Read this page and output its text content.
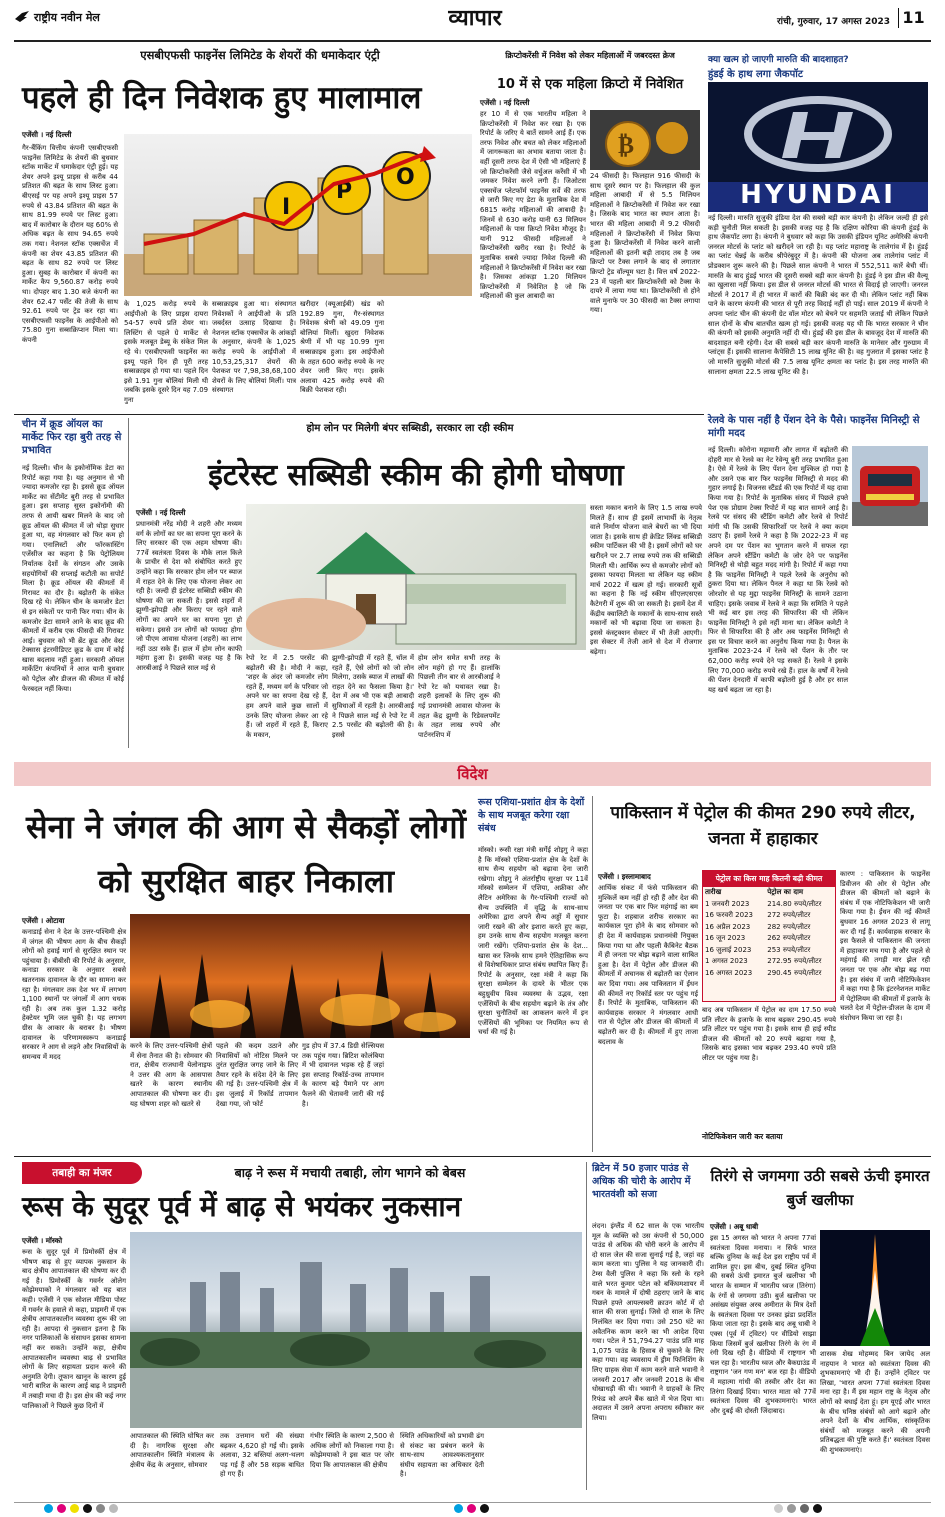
राष्ट्रीय नवीन मेल	व्यापार	रांची, गुरुवार, 17 अगस्त 2023 11
एसबीएफसी फाइनेंस लिमिटेड के शेयरों की धमाकेदार एंट्री
पहले ही दिन निवेशक हुए मालामाल
एजेंसी । नई दिल्ली
गैर-बैंकिंग वित्तीय कंपनी एसबीएफसी फाइनेंस लिमिटेड के शेयरों की बुधवार स्टॉक मार्केट में धमाकेदार एंट्री हुई। यह शेयर अपने इश्यू प्राइस से करीब 44 प्रतिशत की बढ़त के साथ लिस्ट हुआ। बीएसई पर यह अपने इश्यू प्राइस 57 रुपये से 43.84 प्रतिशत की बढ़त के साथ 81.99 रुपये पर लिस्ट हुआ। बाद में कारोबार के दौरान यह 60% से अधिक बढ़त के साथ 94.65 रुपये तक गया। नेशनल स्टॉक एक्सचेंज में कंपनी का शेयर 43.85 प्रतिशत की बढ़त के साथ 82 रुपये पर लिस्ट हुआ। सुबह के कारोबार में कंपनी का मार्केट कैप 9,560.87 करोड़ रुपये था। दोपहर बाद 1.30 बजे कंपनी का शेयर 62.47 पर्सेंट की तेजी के साथ 92.61 रुपये पर ट्रेड कर रहा था। एसबीएफसी फाइनेंस के आईपीओ को 75.80 गुना सब्सक्रिप्शन मिला था। कंपनी
I
P
O
के 1,025 करोड़ रुपये के आईपीओ के लिए प्राइस दायरा 54-57 रुपये प्रति शेयर था। लिस्टिंग से पहले ग्रे मार्केट से इसके मजबूत डेब्यू के संकेत मिल रहे थे। एसबीएफसी फाइनेंस का इश्यू पहले दिन ही पूरी तरह सब्सक्राइब हो गया था। पहले दिन इसे 1.91 गुना बोलियां मिली थी जबकि इसके दूसरे दिन यह 7.09 गुना
सब्सक्राइब हुआ था। संस्थागत निवेशकों ने आईपीओ के प्रति जबर्दस्त उत्साह दिखाया है। नेशनल स्टॉक एक्सचेंज के आंकड़ों के अनुसार, कंपनी के 1,025 करोड़ रुपये के आईपीओ में 10,53,25,317 शेयरों की पेशकश पर 7,98,38,68,100 शेयरों के लिए बोलियां मिलीं। पात्र संस्थागत
खरीदार (क्यूआईबी) खंड को 192.89 गुना, गैर-संस्थागत निवेशक श्रेणी को 49.09 गुना बोलियां मिलीं। खुदरा निवेशक श्रेणी में भी यह 10.99 गुना सब्सक्राइब हुआ। इस आईपीओ के तहत 600 करोड़ रुपये के नए शेयर जारी किए गए। इसके अलावा 425 करोड़ रुपये की बिक्री पेशकश रही।
क्रिप्टोकरेंसी में निवेश को लेकर महिलाओं में जबरदस्त क्रेज
10 में से एक महिला क्रिप्टो में निवेशित
एजेंसी । नई दिल्ली
हर 10 में से एक भारतीय महिला ने क्रिप्टोकरेंसी में निवेश कर रखा है। एक रिपोर्ट के जरिए ये बातें सामने आई हैं। एक तरफ निवेश और बचत को लेकर महिलाओं में जागरूकता का अभाव बताया जाता है। वहीं दूसरी तरफ देश में ऐसी भी महिलाएं हैं जो क्रिप्टोकरेंसी जैसे वर्चुअल करेंसी में भी जमकर निवेश करने लगी हैं। जिओटस एक्सचेंज प्लेटफॉर्म फाइनेंस सर्वे की तरफ से जारी किए गए डेटा के मुताबिक देश में 6815 करोड़ महिलाओं की आबादी है। जिनमें से 630 करोड़ यानी 63 मिलियन महिलाओं के पास क्रिप्टो निवेश मौजूद है। यानी 912 फीसदी महिलाओं ने क्रिप्टोकरेंसी खरीद रखा है। रिपोर्ट के मुताबिक सबसे ज्यादा निवेश दिल्ली की महिलाओं ने क्रिप्टोकरेंसी में निवेश कर रखा है। जिसका आंकड़ा 1.20 मिलियन क्रिप्टोकरेंसी में निवेशित है जो कि महिलाओं की कुल आबादी का
₿
24 फीसदी है। फिलहाल 916 फीसदी के साथ दूसरे स्थान पर है। फिलहाल की कुल महिला आबादी में से 5.5 मिलियन महिलाओं ने क्रिप्टोकरेंसी में निवेश कर रखा है। जिसके बाद भारत का स्थान आता है। भारत की महिला आबादी में 9.2 फीसदी महिलाओं ने क्रिप्टोकरेंसी में निवेश किया हुआ है। क्रिप्टोकरेंसी में निवेश करने वाली महिलाओं की इतनी बड़ी तादाद तब है जब क्रिप्टो पर टैक्स लगाने के बाद से लगातार क्रिप्टो ट्रेड वॉल्यूम घटा है। वित्त वर्ष 2022-23 में पहली बार क्रिप्टोकरेंसी को टैक्स के दायरे में लाया गया था। क्रिप्टोकरेंसी से होने वाले मुनाफे पर 30 फीसदी का टैक्स लगाया गया।
क्या खत्म हो जाएगी मारुति की बादशाहत?
हुंडई के हाथ लगा जैकपॉट
HYUNDAI
नई दिल्ली। मारुति सुजुकी इंडिया देश की सबसे बड़ी कार कंपनी है। लेकिन जल्दी ही इसे कड़ी चुनौती मिल सकती है। इसकी वजह यह है कि दक्षिण कोरिया की कंपनी हुंडई के हाथ जैकपॉट लगा है। कंपनी ने बुधवार को कहा कि उसकी इंडियन यूनिट अमेरिकी कंपनी जनरल मोटर्स के प्लांट को खरीदने जा रही है। यह प्लांट महाराष्ट्र के तालेगांव में है। हुंडई का प्लांट चेन्नई के करीब श्रीपेरंबुदूर में है। कंपनी की योजना अब तालेगांव प्लांट में प्रोडक्शन शुरू करने की है। पिछले साल कंपनी ने भारत में 552,511 कारें बेची थीं। मारुति के बाद हुंडई भारत की दूसरी सबसे बड़ी कार कंपनी है। हुंडई ने इस डील की वैल्यू का खुलासा नहीं किया। इस डील से जनरल मोटर्स की भारत से विदाई हो जाएगी। जनरल मोटर्स ने 2017 में ही भारत में कारों की बिक्री बंद कर दी थी। लेकिन प्लांट नहीं बिक पाने के कारण कंपनी की भारत से पूरी तरह विदाई नहीं हो पाई। साल 2019 में कंपनी ने अपना प्लांट चीन की कंपनी ग्रेट वॉल मोटर को बेचने पर सहमति जताई थी लेकिन पिछले साल दोनों के बीच बातचीत खत्म हो गई। इसकी वजह यह थी कि भारत सरकार ने चीन की कंपनी को इसकी अनुमति नहीं दी थी। हुंडई की इस डील के बावजूद देश में मारुति की बादशाहत बनी रहेगी। देश की सबसे बड़ी कार कंपनी मारुति के मानेसर और गुरुग्राम में प्लांट्स हैं। इसकी सालाना कैपेसिटी 15 लाख यूनिट की है। वह गुजरात में इसका प्लांट है जो मारुति सुजुकी मोटर्स की 7.5 लाख यूनिट क्षमता का प्लांट है। इस तरह मारुति की सालाना क्षमता 22.5 लाख यूनिट की है।
चीन में क्रूड ऑयल का मार्केट फिर रहा बुरी तरह से प्रभावित
नई दिल्ली। चीन के इकोनॉमिक डेटा का रिपोर्ट कहा गया है। यह अनुमान से भी ज्यादा कमजोर रहा है। इससे क्रूड ऑयल मार्केट का सेंटीमेंट बुरी तरह से प्रभावित हुआ। इस सप्ताह सुस्त इकोनॉमी की तरफ से आयी खबर मिलने के बाद जो क्रूड ऑयल की कीमत में जो थोड़ा सुधार हुआ था, वह मंगलवार को फिर कम हो गया। एनालिस्टों और फॉरकास्टिंग एजेंसीज का कहना है कि पेट्रोलियम निर्यातक देशों के संगठन और उसके सहयोगियों की सप्लाई कटौती का सपोर्ट मिला है। क्रूड ऑयल की कीमतों में गिरावट का दौर है। बढ़ोतरी के संकेत दिख रहे थे। लेकिन चीन के कमजोर डेटा से इन संकेतों पर पानी फिर गया। चीन के कमजोर डेटा सामने आने के बाद क्रूड की कीमतों में करीब एक फीसदी की गिरावट आई। बुधवार को भी ब्रेंट क्रूड और वेस्ट टेक्सास इंटरमीडिएट क्रूड के दाम में कोई खास बदलाव नहीं हुआ। सरकारी ऑयल मार्केटिंग कंपनियों ने आज यानी बुधवार को पेट्रोल और डीजल की कीमत में कोई फेरबदल नहीं किया।
होम लोन पर मिलेगी बंपर सब्सिडी, सरकार ला रही स्कीम
इंटरेस्ट सब्सिडी स्कीम की होगी घोषणा
एजेंसी । नई दिल्ली
प्रधानमंत्री नरेंद्र मोदी ने शहरी और मध्यम वर्ग के लोगों का घर का सपना पूरा करने के लिए सरकार की एक अहम घोषणा की। 77वें स्वतंत्रता दिवस के मौके लाल किले के प्राचीर से देश को संबोधित करते हुए उन्होंने कहा कि सरकार होम लोन पर ब्याज में राहत देने के लिए एक योजना लेकर आ रही है। जल्दी ही इंटरेस्ट सब्सिडी स्कीम की घोषणा की जा सकती है। इससे शहरों में झुग्गी-झोपड़ी और किराए पर रहने वाले लोगों का अपने घर का सपना पूरा हो सकेगा। इससे उन लोगों को फायदा होगा जो पीएम आवास योजना (शहरी) का लाभ नहीं उठा सके हैं। हाल में होम लोन काफी महंगा हुआ है। इसकी वजह यह है कि आरबीआई ने पिछले साल मई से
रेपो रेट में 2.5 परसेंट की बढ़ोतरी की है। मोदी ने कहा, 'शहर के अंदर जो कमजोर लोग रहते हैं, मध्यम वर्ग के परिवार जो अपने घर का सपना देख रहे हैं, हम अपने वाले कुछ सालों में उनके लिए योजना लेकर आ रहे हैं। जो शहरों में रहते हैं, किराए के मकान,
झुग्गी-झोपड़ी में रहते हैं, चॉल में रहते हैं, ऐसे लोगों को जो लोन मिलेगा, उसके ब्याज में लाखों की राहत देने का फैसला किया है।' देश में अब भी एक बड़ी आबादी सुविधाओं में रहती है। आरबीआई ने पिछले साल मई से रेपो रेट में 2.5 परसेंट की बढ़ोतरी की है। इससे
होम लोन समेत सभी तरह के लोन महंगे हो गए हैं। हालांकि पिछली तीन बार से आरबीआई ने रेपो रेट को यथावत रखा है। शहरी इलाकों के लिए शुरू की गई प्रधानमंत्री आवास योजना के तहत केंद्र झुग्गी के रिडेवलपमेंट के तहत लाख रुपये और पार्टनरशिप में
सस्ता मकान बनाने के लिए 1.5 लाख रुपये मिलते हैं। साथ ही इसमें लाभार्थी के नेतृत्व वाले निर्माण योजना वाले बेघरों का भी दिया जाता है। इसके साथ ही क्रेडिट लिंक्ड सब्सिडी स्कीम पार्टिकल की भी है। इसमें लोगों को घर खरीदने पर 2.7 लाख रुपये तक की सब्सिडी मिलती थी। आर्थिक रूप से कमजोर लोगों को इसका फायदा मिलता था लेकिन यह स्कीम मार्च 2022 में खत्म हो गई। सरकारी सूत्रों का कहना है कि नई स्कीम सीएलएसएस कैटेगरी में शुरू की जा सकती है। इसमें देश में केंद्रीय क्वालिटी के मकानों के साथ-साथ सस्ते मकानों को भी बढ़ावा दिया जा सकता है। इससे कंस्ट्रक्शन सेक्टर में भी तेजी आएगी। इस सेक्टर में तेजी आने से देश में रोजगार बढ़ेगा।
रेलवे के पास नहीं है पेंशन देने के पैसे। फाइनेंस मिनिस्ट्री से मांगी मदद
नई दिल्ली। कोरोना महामारी और लागत में बढ़ोतरी की दोहरी मार से रेलवे का नेट रेवेन्यू बुरी तरह प्रभावित हुआ है। ऐसे में रेलवे के लिए पेंशन देना मुश्किल हो गया है और उसने एक बार फिर फाइनेंस मिनिस्ट्री से मदद की गुहार लगाई है। विजनस स्टैंडर्ड की एक रिपोर्ट में यह दावा किया गया है। रिपोर्ट के मुताबिक संसद में पिछले हफ्ते पेश एक प्रोग्राम टेक्स रिपोर्ट में यह बात सामने आई है। रेलवे पर संसद की स्टैंडिंग कमेटी और रेलवे से रिपोर्ट मांगी थी कि उसकी सिफारिशों पर रेलवे ने क्या कदम उठाए हैं। इसमें रेलवे ने कहा है कि 2022-23 में वह अपने दम पर पेंशन का भुगतान करने में सफल रहा लेकिन अपने स्टैंडिंग कमेटी के जोर देने पर फाइनेंस मिनिस्ट्री से थोड़ी बहुत मदद मांगी है। रिपोर्ट में कहा गया है कि फाइनेंस मिनिस्ट्री ने पहले रेलवे के अनुरोध को ठुकरा दिया था। लेकिन पैनल ने कहा था कि रेलवे को जोरशोर से यह मुद्दा फाइनेंस मिनिस्ट्री के सामने उठाना चाहिए। इसके जवाब में रेलवे ने कहा कि समिति ने पहले भी कई बार इस तरह की सिफारिश की थी लेकिन फाइनेंस मिनिस्ट्री ने इसे नहीं माना था। लेकिन कमेटी ने फिर से सिफारिश की है और अब फाइनेंस मिनिस्ट्री से इस पर विचार करने का अनुरोध किया गया है। पैनल के मुताबिक 2023-24 में रेलवे को पेंशन के तौर पर 62,000 करोड़ रुपये देने पड़ सकते हैं। रेलवे ने इसके लिए 70,000 करोड़ रुपये रखे हैं। हाल के वर्षों में रेलवे की पेंशन देनदारी में काफी बढ़ोतरी हुई है और हर साल यह खर्च बढ़ता जा रहा है।
विदेश
सेना ने जंगल की आग से सैकड़ों लोगों को सुरक्षित बाहर निकाला
एजेंसी । ओटावा
कनाडाई सेना ने देश के उत्तर-पश्चिमी क्षेत्र में जंगल की भीषण आग के बीच सैकड़ों लोगों को हवाई मार्ग से सुरक्षित स्थान पर पहुंचाया है। बीबीसी की रिपोर्ट के अनुसार, कनाडा सरकार के अनुसार सबसे खतरनाक दावानल के दौर का सामना कर रहा है। मंगलवार तक देश भर में लगभग 1,100 स्थानों पर जंगलों में आग धधक रही है। अब तक कुल 1.32 करोड़ हेक्टेयर भूमि जल चुकी है। यह लगभग ग्रीस के आकार के बराबर है। भीषण दावानल के परिणामस्वरूप कनाडाई सरकार ने आग से लड़ने और निवासियों के समन्वय में मदद
करने के लिए उत्तर-पश्चिमी क्षेत्रों में सेना तैनात की है। सोमवार की रात, क्षेत्रीय राजधानी येलोनाइफ ने उत्तर की आग के आसपास खतरे के कारण स्थानीय आपातकाल की घोषणा कर दी। यह घोषणा शहर को खतरे से
पहले की कदम उठाने और निवासियों को नोटिस मिलने पर तुरंत सुरक्षित जगह जाने के लिए तैयार रहने के संदेश देने के लिए की गई है। उत्तर-पश्चिमी क्षेत्र में इस जुलाई में रिकॉर्ड तापमान देखा गया, जो फोर्ट
गुड होप में 37.4 डिग्री सेल्सियस तक पहुंच गया। ब्रिटिश कोलंबिया में भी दावानल भड़क रहे हैं जहां इस सप्ताह रिकॉर्ड-उच्च तापमान के कारण बड़े पैमाने पर आग फैलने की चेतावनी जारी की गई है।
रूस एशिया-प्रशांत क्षेत्र के देशों के साथ मजबूत करेगा रक्षा संबंध
मॉस्को। रूसी रक्षा मंत्री सर्गेई शोइगु ने कहा है कि मॉस्को एशिया-प्रशांत क्षेत्र के देशों के साथ सैन्य सहयोग को बढ़ावा देना जारी रखेगा। शोइगु ने अंतर्राष्ट्रीय सुरक्षा पर 11वें मॉस्को सम्मेलन में एशिया, अफ्रीका और लैटिन अमेरिका के गैर-पश्चिमी राज्यों को सैन्य उपस्थिति में वृद्धि के साथ-साथ अमेरिका द्वारा अपने सैन्य अड्डों में सुधार जारी रखने की ओर इशारा करते हुए कहा, हम उनके साथ सैन्य सहयोग मजबूत करना जारी रखेंगे। एशिया-प्रशांत क्षेत्र के देश... खास कर जिनके साथ हमने ऐतिहासिक रूप से विशेषाधिकार प्राप्त संबंध स्थापित किए हैं। रिपोर्ट के अनुसार, रक्षा मंत्री ने कहा कि सुरक्षा सम्मेलन के दायरे के भीतर एक बहुध्रुवीय विश्व व्यवस्था के उद्भव, रक्षा एजेंसियों के बीच सहयोग बढ़ाने के तंत्र और सुरक्षा चुनौतियों का आकलन करने में इन एजेंसियों की भूमिका पर नियमित रूप से चर्चा की गई है।
पाकिस्तान में पेट्रोल की कीमत 290 रुपये लीटर, जनता में हाहाकार
एजेंसी । इस्लामाबाद
आर्थिक संकट में फंसे पाकिस्तान की मुश्किलें कम नहीं हो रही हैं और देश की जनता पर एक बार फिर महंगाई का बम फूटा है। शहबाज शरीफ सरकार का कार्यकाल पूरा होने के बाद सोमवार को ही देश में कार्यवाहक प्रधानमंत्री नियुक्त किया गया था और पहली कैबिनेट बैठक में ही जनता पर बोझ बढ़ाने वाला साबित हुआ है। देश में पेट्रोल और डीजल की कीमतों में अचानक से बढ़ोतरी का ऐलान कर दिया गया। अब पाकिस्तान में ईंधन की कीमतें नए रिकॉर्ड स्तर पर पहुंच गई हैं। रिपोर्ट के मुताबिक, पाकिस्तान की कार्यवाहक सरकार ने मंगलवार आधी रात से पेट्रोल और डीजल की कीमतों में बढ़ोतरी कर दी है। कीमतों में हुए ताजा बदलाव के
पेट्रोल का किस माह कितनी बढ़ी कीमत
तारीख	पेट्रोल का दाम
1 जनवरी 2023	214.80 रुपये/लीटर
16 फरवरी 2023	272 रुपये/लीटर
16 अप्रैल 2023	282 रुपये/लीटर
16 जून 2023	262 रुपये/लीटर
16 जुलाई 2023	253 रुपये/लीटर
1 अगस्त 2023	272.95 रुपये/लीटर
16 अगस्त 2023	290.45 रुपये/लीटर
बाद अब पाकिस्तान में पेट्रोल का दाम 17.50 रुपये प्रति लीटर के इजाफे के साथ बढ़कर 290.45 रुपये प्रति लीटर पर पहुंच गया है। इसके साथ ही हाई स्पीड डीजल की कीमतों को 20 रुपये बढ़ाया गया है, जिसके बाद इसका भाव बढ़कर 293.40 रुपये प्रति लीटर पर पहुंच गया है।
नोटिफिकेशन जारी कर बताया
कारण : पाकिस्तान के फाइनेंस डिवीजन की ओर से पेट्रोल और डीजल की कीमतों को बढ़ाने के संबंध में एक नोटिफिकेशन भी जारी किया गया है। ईंधन की नई कीमतें बुधवार 16 अगस्त 2023 से लागू कर दी गई हैं। कार्यवाहक सरकार के इस फैसले से पाकिस्तान की जनता में हाहाकार मच गया है और पहले से महंगाई की तगड़ी मार झेल रही जनता पर एक और बोझ बढ़ गया है। इस संबंध में जारी नोटिफिकेशन में कहा गया है कि इंटरनेशनल मार्केट में पेट्रोलियम की कीमतों में इजाफे के चलते देश में पेट्रोल-डीजल के दाम में संशोधन किया जा रहा है।
तबाही का मंजर	बाढ़ ने रूस में मचायी तबाही, लोग भागने को बेबस
रूस के सुदूर पूर्व में बाढ़ से भयंकर नुकसान
एजेंसी । मॉस्को
रूस के सुदूर पूर्व में प्रिमोर्स्की क्षेत्र में भीषण बाढ़ से हुए व्यापक नुकसान के बाद क्षेत्रीय आपातकाल की घोषणा कर दी गई है। प्रिमोर्स्की के गवर्नर ओलेग कोझेमयाको ने मंगलवार को यह बात कही। एजेंसी ने एक सोशल मीडिया पोस्ट में गवर्नर के हवाले से कहा, प्राइमरी में एक क्षेत्रीय आपातकालीन व्यवस्था शुरू की जा रही है। आपदा से नुकसान इतना है कि नगर पालिकाओं के संसाधन इसका सामना नहीं कर सकते। उन्होंने कहा, क्षेत्रीय आपातकालीन व्यवस्था बाढ़ से प्रभावित लोगों के लिए सहायता प्रदान करने की अनुमति देगी। तूफान खानून के कारण हुई भारी बारिश के कारण आई बाढ़ ने प्राइमरी में तबाही मचा दी है। इस क्षेत्र की कई नगर पालिकाओं ने पिछले कुछ दिनों में
आपातकाल की स्थिति घोषित कर दी है। नागरिक सुरक्षा और आपातकालीन स्थिति मंत्रालय के क्षेत्रीय केंद्र के अनुसार, सोमवार
तक उत्तमान घरों की संख्या बढ़कर 4,620 हो गई थी। इसके अलावा, 32 बस्तियां अलग-थलग पड़ गई हैं और 58 सड़क बाधित हो गए हैं।
गंभीर स्थिति के कारण 2,500 से अधिक लोगों को निकाला गया है। कोझेमयाको ने इस बात पर जोर दिया कि आपातकाल की क्षेत्रीय
स्थिति अधिकारियों को प्रभावी ढंग से संकट का प्रबंधन करने के साथ-साथ आवश्यकतानुसार संघीय सहायता का अधिकार देती है।
ब्रिटेन में 50 हजार पाउंड से अधिक की चोरी के आरोप में भारतवंशी को सजा
लंदन। इंग्लैंड में 62 साल के एक भारतीय मूल के व्यक्ति को उस कंपनी से 50,000 पाउंड से अधिक की चोरी करने के आरोप में दो साल जेल की सजा सुनाई गई है, जहां वह काम करता था। पुलिस ने यह जानकारी दी। टेम्स वैली पुलिस ने कहा कि स्लो के रहने वाले भरत कुमार पटेल को बकिंघमशायर में गबन के मामले में दोषी ठहराए जाने के बाद पिछले हफ्ते आयल्सबरी क्राउन कोर्ट में दो साल की सजा सुनाई। जिसे दो साल के लिए निलंबित कर दिया गया। उसे 250 घंटे का अवैतनिक काम करने का भी आदेश दिया गया। पटेल ने 51,794.27 पाउंड प्रति माह 1,075 पाउंड के हिसाब से चुकाने के लिए कहा गया। वह व्यवसाय में ड्रीम फिनिशिंग के लिए ग्राहक सेवा में काम करने वाले भवानी ने जनवरी 2017 और जनवरी 2018 के बीच धोखाधड़ी की थी। भवानी ने ग्राहकों के लिए रिफंड को अपने बैंक खाते में भेज दिया था। अदालत में उसने अपना अपराध स्वीकार कर लिया।
तिरंगे से जगमगा उठी सबसे ऊंची इमारत बुर्ज खलीफा
एजेंसी । अबू धाबी
इस 15 अगस्त को भारत ने अपना 77वां स्वतंत्रता दिवस मनाया। न सिर्फ भारत बल्कि दुनिया के कई देश इस राष्ट्रीय पर्व में शामिल हुए। इस बीच, दुबई स्थित दुनिया की सबसे ऊंची इमारत बुर्ज खलीफा भी भारत के सम्मान में भारतीय ध्वज (तिरंगा) के रंगों से जगमगा उठी। बुर्ज खलीफा पर असंख्य संयुक्त अरब अमीरात के मित्र देशों के स्वतंत्रता दिवस पर उनका झंडा प्रदर्शित किया जाता रहा है। इसके बाद अबू धाबी ने एक्स (पूर्व में ट्विटर) पर वीडियो साझा किया जिसमें बुर्ज खलीफा तिरंगे के रंग में रंगी दिख रही है। वीडियो में राष्ट्रगान भी चल रहा है। भारतीय ध्वज और बैकग्राउंड में राष्ट्रगान 'जन गण मन' बज रहा है। वीडियो में महात्मा गांधी की तस्वीर और देश का तिरंगा दिखाई दिया। भारत माता को 77वें स्वतंत्रता दिवस की शुभकामनाएं। भारत और दुबई की दोस्ती जिंदाबाद।
शासक शेख मोहम्मद बिन जायेद अल नाहयान ने भारत को स्वतंत्रता दिवस की शुभकामनाएं भी दी हैं। उन्होंने ट्विटर पर लिखा, 'भारत अपना 77वां स्वतंत्रता दिवस मना रहा है। मैं इस महान राष्ट्र के नेतृत्व और लोगों को बधाई देता हूं। हम यूएई और भारत के बीच घनिष्ठ संबंधों को आगे बढ़ाने और अपने देशों के बीच आर्थिक, सांस्कृतिक संबंधों को मजबूत करने की अपनी प्रतिबद्धता की पुष्टि करते हैं।' स्वतंत्रता दिवस की शुभकामनाएं।
